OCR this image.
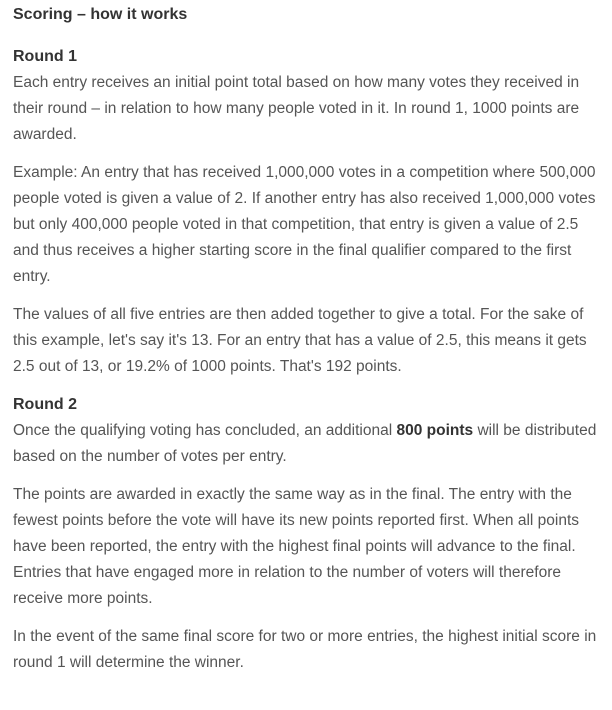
Scoring – how it works
Round 1

Each entry receives an initial point total based on how many votes they received in their round – in relation to how many people voted in it. In round 1, 1000 points are awarded.

Example: An entry that has received 1,000,000 votes in a competition where 500,000 people voted is given a value of 2. If another entry has also received 1,000,000 votes but only 400,000 people voted in that competition, that entry is given a value of 2.5 and thus receives a higher starting score in the final qualifier compared to the first entry.

The values of all five entries are then added together to give a total. For the sake of this example, let's say it's 13. For an entry that has a value of 2.5, this means it gets 2.5 out of 13, or 19.2% of 1000 points. That's 192 points.

Round 2

Once the qualifying voting has concluded, an additional 800 points will be distributed based on the number of votes per entry.

The points are awarded in exactly the same way as in the final. The entry with the fewest points before the vote will have its new points reported first. When all points have been reported, the entry with the highest final points will advance to the final. Entries that have engaged more in relation to the number of voters will therefore receive more points.

In the event of the same final score for two or more entries, the highest initial score in round 1 will determine the winner.
